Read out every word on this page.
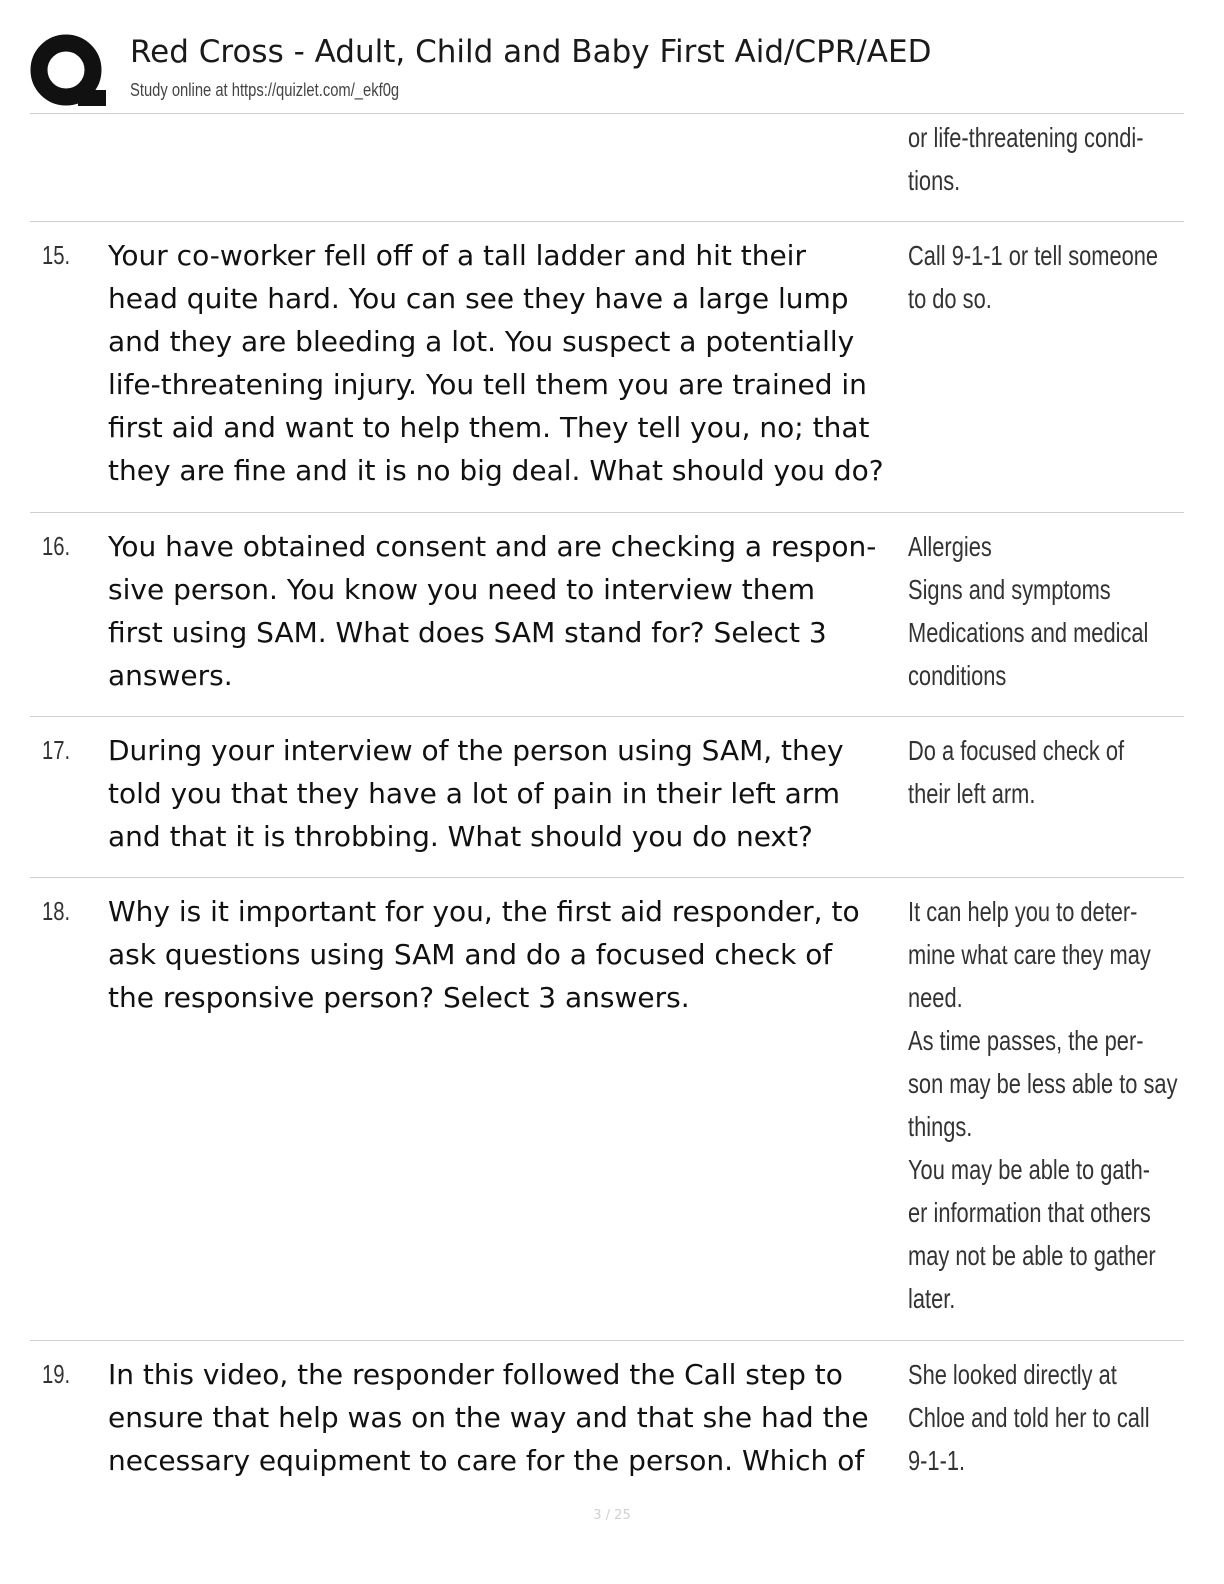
Red Cross - Adult, Child and Baby First Aid/CPR/AED
Study online at https://quizlet.com/_ekf0g
or life-threatening condi-
tions.
15. Your co-worker fell off of a tall ladder and hit their
head quite hard. You can see they have a large lump
and they are bleeding a lot. You suspect a potentially
life-threatening injury. You tell them you are trained in
first aid and want to help them. They tell you, no; that
they are fine and it is no big deal. What should you do?
Call 9-1-1 or tell someone
to do so.
16. You have obtained consent and are checking a respon-
sive person. You know you need to interview them
first using SAM. What does SAM stand for? Select 3
answers.
Allergies
Signs and symptoms
Medications and medical
conditions
17. During your interview of the person using SAM, they
told you that they have a lot of pain in their left arm
and that it is throbbing. What should you do next?
Do a focused check of
their left arm.
18. Why is it important for you, the first aid responder, to
ask questions using SAM and do a focused check of
the responsive person? Select 3 answers.
It can help you to deter-
mine what care they may
need.
As time passes, the per-
son may be less able to say
things.
You may be able to gath-
er information that others
may not be able to gather
later.
19. In this video, the responder followed the Call step to
ensure that help was on the way and that she had the
necessary equipment to care for the person. Which of
She looked directly at
Chloe and told her to call
9-1-1.
3 / 25
